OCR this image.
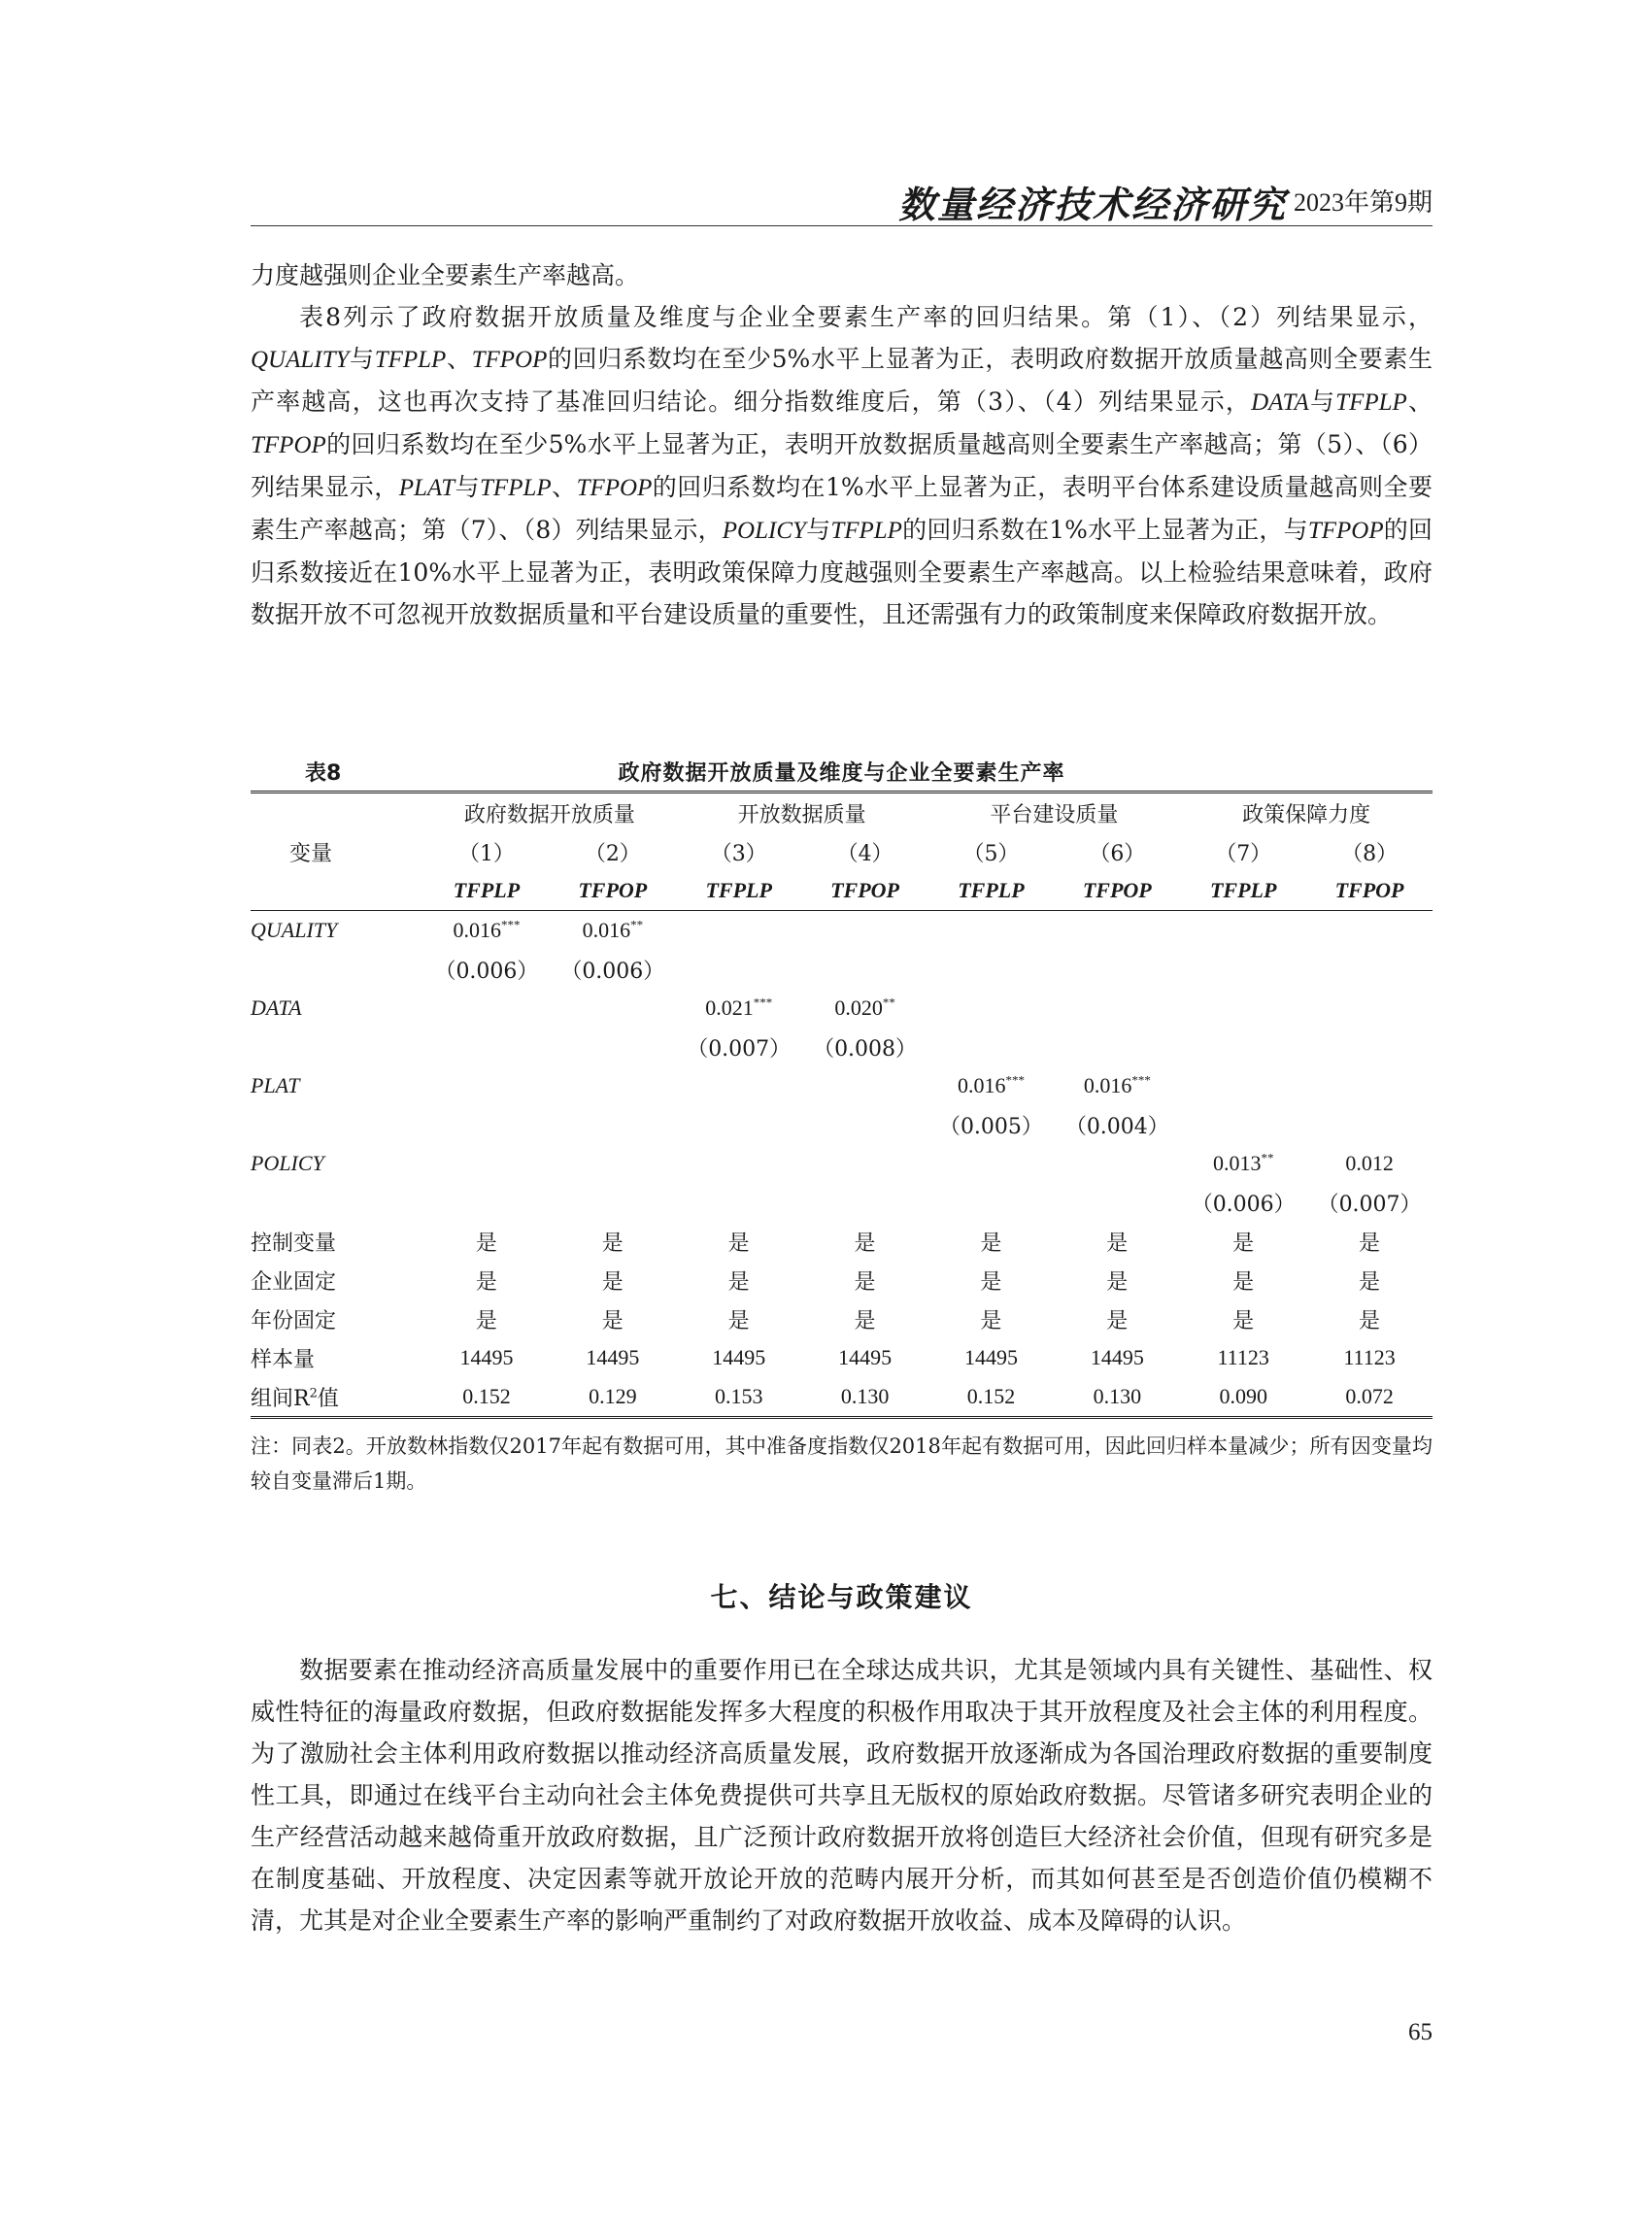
数量经济技术经济研究 2023年第9期

力度越强则企业全要素生产率越高。

表8列示了政府数据开放质量及维度与企业全要素生产率的回归结果。第（1）、（2）列结果显示，QUALITY与TFPLP、TFPOP的回归系数均在至少5%水平上显著为正，表明政府数据开放质量越高则全要素生产率越高，这也再次支持了基准回归结论。细分指数维度后，第（3）、（4）列结果显示，DATA与TFPLP、TFPOP的回归系数均在至少5%水平上显著为正，表明开放数据质量越高则全要素生产率越高；第（5）、（6）列结果显示，PLAT与TFPLP、TFPOP的回归系数均在1%水平上显著为正，表明平台体系建设质量越高则全要素生产率越高；第（7）、（8）列结果显示，POLICY与TFPLP的回归系数在1%水平上显著为正，与TFPOP的回归系数接近在10%水平上显著为正，表明政策保障力度越强则全要素生产率越高。以上检验结果意味着，政府数据开放不可忽视开放数据质量和平台建设质量的重要性，且还需强有力的政策制度来保障政府数据开放。

表8	政府数据开放质量及维度与企业全要素生产率
	政府数据开放质量		开放数据质量		平台建设质量		政策保障力度	
变量	（1）	（2）	（3）	（4）	（5）	（6）	（7）	（8）
	TFPLP	TFPOP	TFPLP	TFPOP	TFPLP	TFPOP	TFPLP	TFPOP
QUALITY	0.016***	0.016**						
	（0.006）	（0.006）						
DATA			0.021***	0.020**				
			（0.007）	（0.008）				
PLAT					0.016***	0.016***		
					（0.005）	（0.004）		
POLICY							0.013**	0.012
							（0.006）	（0.007）
控制变量	是	是	是	是	是	是	是	是
企业固定	是	是	是	是	是	是	是	是
年份固定	是	是	是	是	是	是	是	是
样本量	14495	14495	14495	14495	14495	14495	11123	11123
组间$R^2$值	0.152	0.129	0.153	0.130	0.152	0.130	0.090	0.072
注：同表2。开放数林指数仅2017年起有数据可用，其中准备度指数仅2018年起有数据可用，因此回归样本量减少；所有因变量均较自变量滞后1期。
七、结论与政策建议

数据要素在推动经济高质量发展中的重要作用已在全球达成共识，尤其是领域内具有关键性、基础性、权威性特征的海量政府数据，但政府数据能发挥多大程度的积极作用取决于其开放程度及社会主体的利用程度。为了激励社会主体利用政府数据以推动经济高质量发展，政府数据开放逐渐成为各国治理政府数据的重要制度性工具，即通过在线平台主动向社会主体免费提供可共享且无版权的原始政府数据。尽管诸多研究表明企业的生产经营活动越来越倚重开放政府数据，且广泛预计政府数据开放将创造巨大经济社会价值，但现有研究多是在制度基础、开放程度、决定因素等就开放论开放的范畴内展开分析，而其如何甚至是否创造价值仍模糊不清，尤其是对企业全要素生产率的影响严重制约了对政府数据开放收益、成本及障碍的认识。

65
